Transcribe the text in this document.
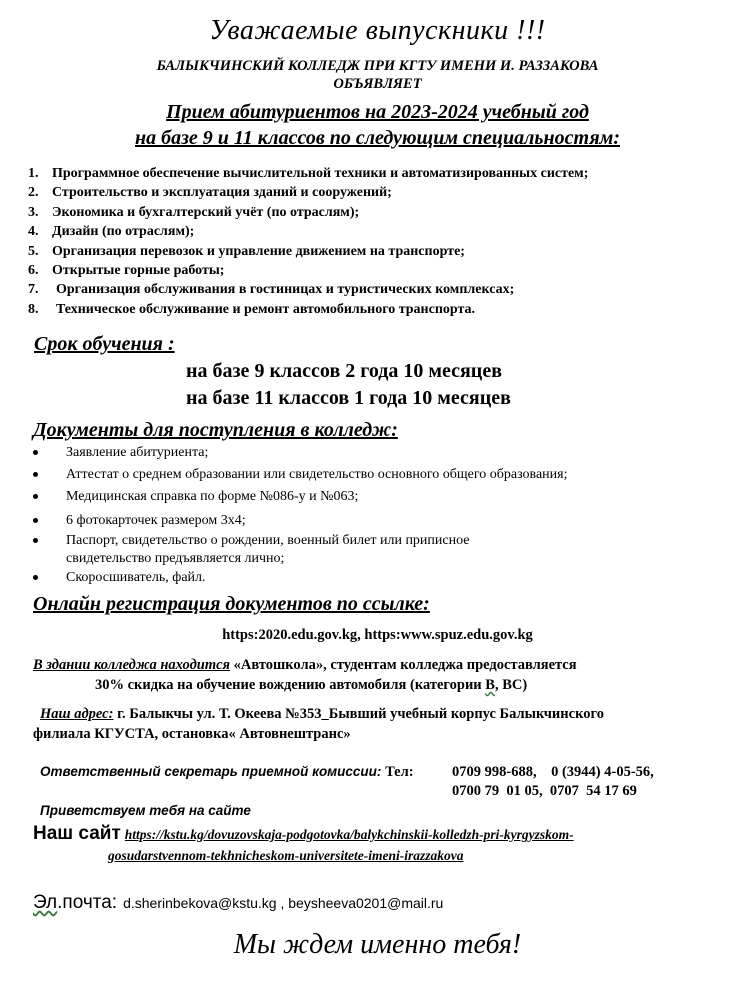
Уважаемые выпускники !!!
БАЛЫКЧИНСКИЙ КОЛЛЕДЖ ПРИ КГТУ ИМЕНИ И. РАЗЗАКОВА
ОБЪЯВЛЯЕТ
Прием абитуриентов на 2023-2024 учебный год
на базе 9 и 11 классов по следующим специальностям:
1. Программное обеспечение вычислительной техники и автоматизированных систем;
2. Строительство и эксплуатация зданий и сооружений;
3. Экономика и бухгалтерский учёт (по отраслям);
4. Дизайн (по отраслям);
5. Организация перевозок и управление движением на транспорте;
6. Открытые горные работы;
7. Организация обслуживания в гостиницах и туристических комплексах;
8. Техническое обслуживание и ремонт автомобильного транспорта.
Срок обучения :
на базе 9 классов 2 года 10 месяцев
на базе 11 классов 1 года 10 месяцев
Документы для поступления в колледж:
Заявление абитуриента;
Аттестат о среднем образовании или свидетельство основного общего образования;
Медицинская справка по форме №086-у и №063;
6 фотокарточек размером 3х4;
Паспорт, свидетельство о рождении, военный билет или приписное
свидетельство предъявляется лично;
Скоросшиватель, файл.
Онлайн регистрация документов по ссылке:
https:2020.edu.gov.kg, https:www.spuz.edu.gov.kg
В здании колледжа находится «Автошкола», студентам колледжа предоставляется
30% скидка на обучение вождению автомобиля (категории В, ВС)
Наш адрес: г. Балыкчы ул. Т. Океева №353_Бывший учебный корпус Балыкчинского
филиала КГУСТА, остановка« Автовнештранс»
Ответственный секретарь приемной комиссии: Тел:	0709 998-688,    0 (3944) 4-05-56,
0700 79  01 05,  0707  54 17 69
Приветствуем тебя на сайте
Наш сайт https://kstu.kg/dovuzovskaja-podgotovka/balykchinskii-kolledzh-pri-kyrgyzskom-
gosudarstvennom-tekhnicheskom-universitete-imeni-irazzakova
Эл.почта: d.sherinbekova@kstu.kg , beysheeva0201@mail.ru
Мы ждем именно тебя!
